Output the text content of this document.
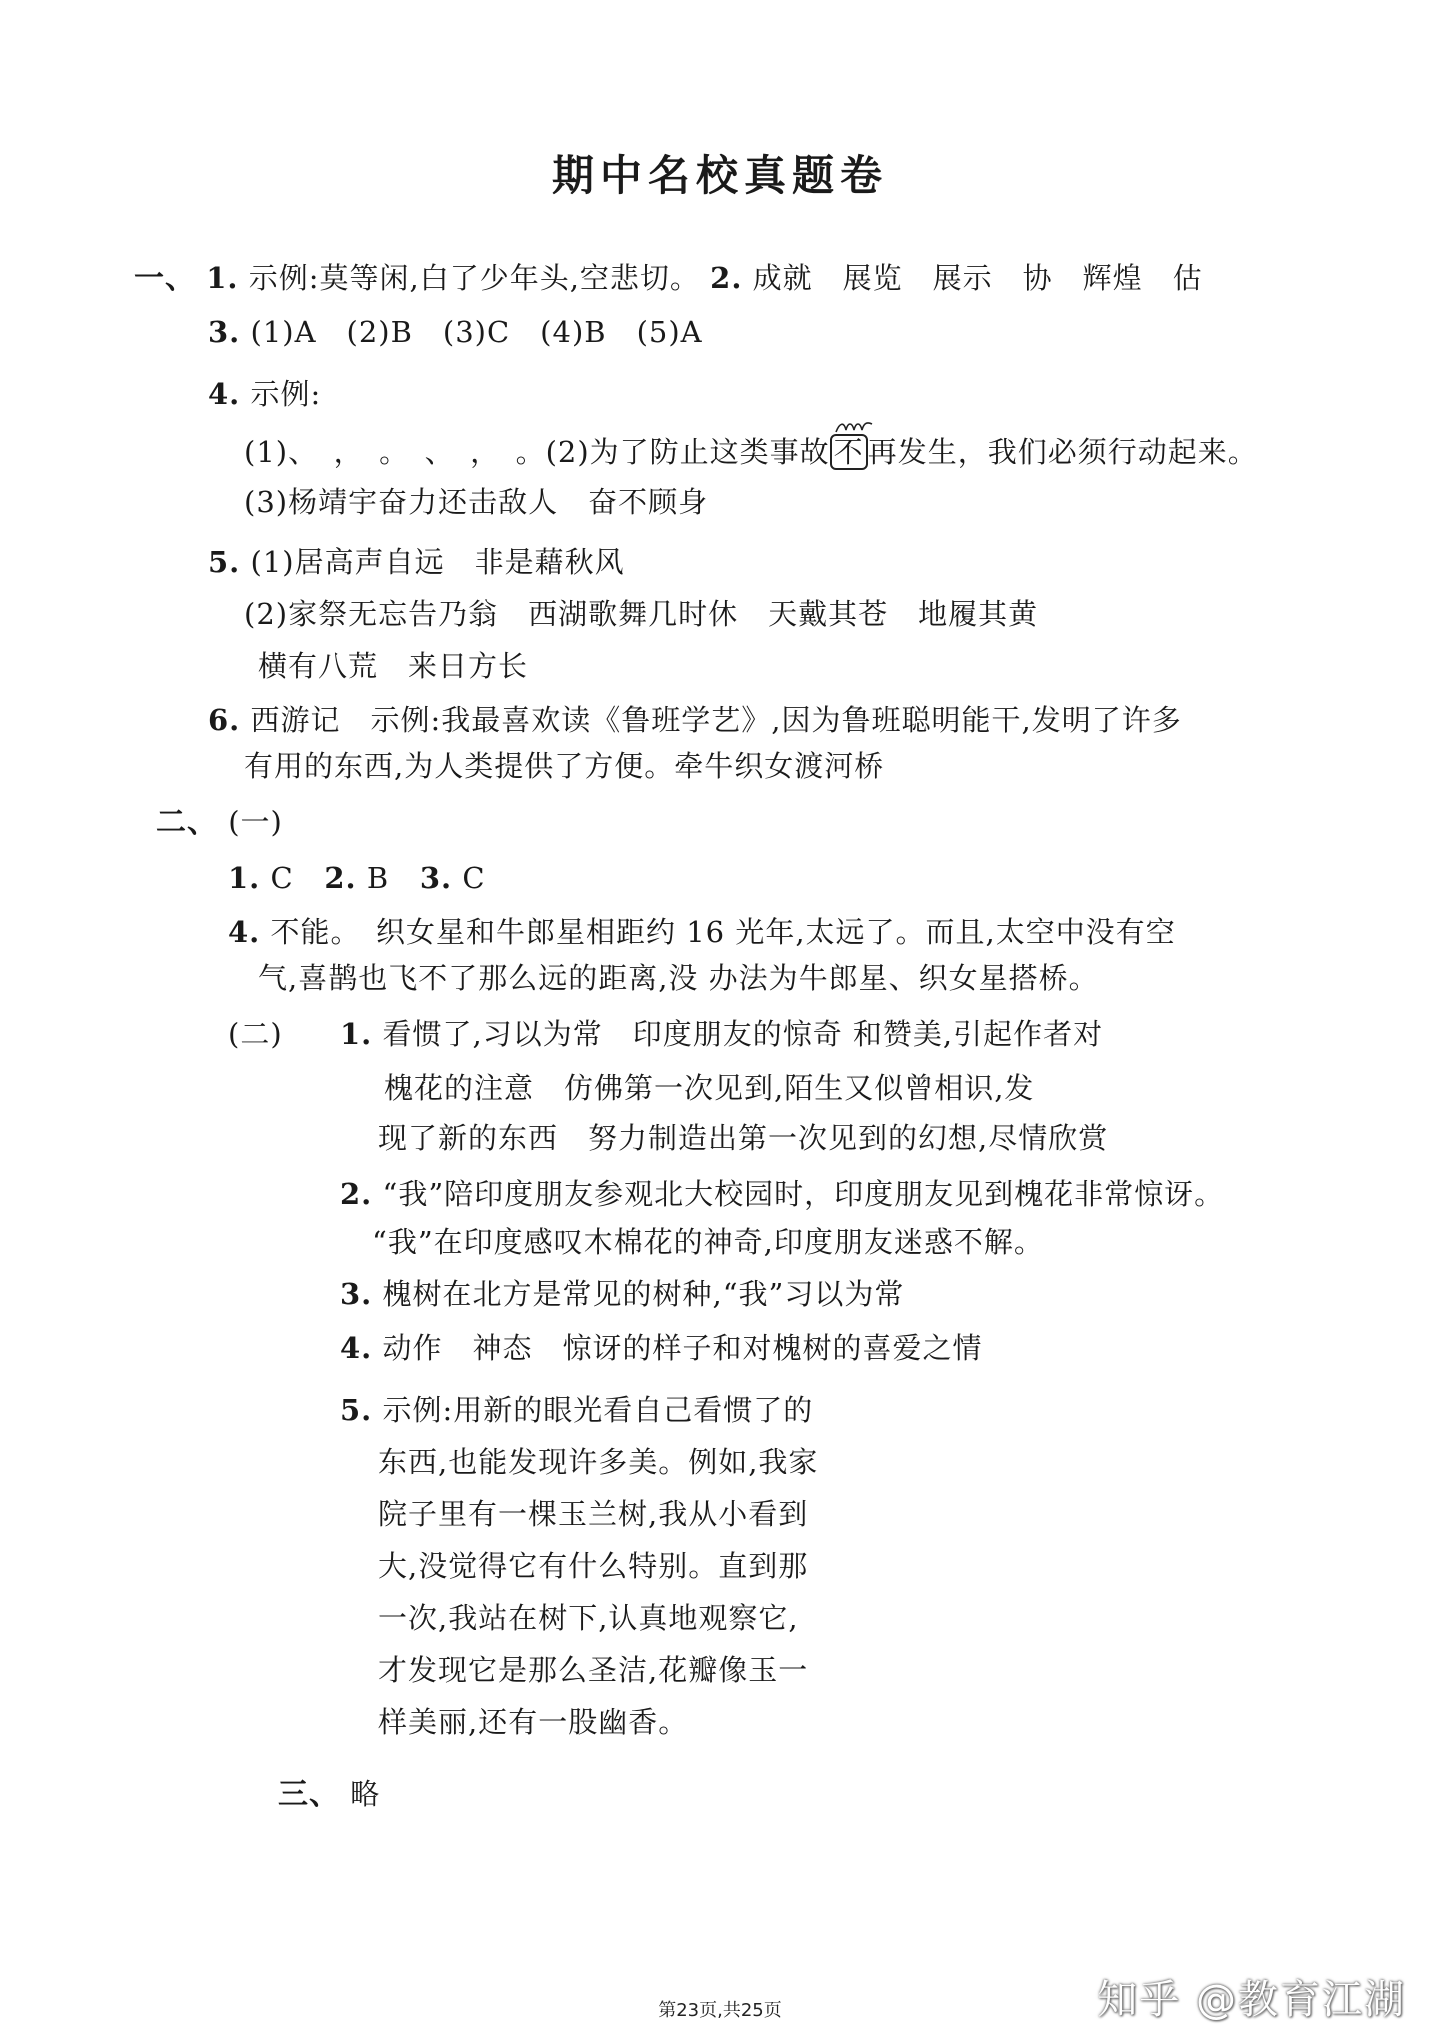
期中名校真题卷
一、 1. 示例:莫等闲,白了少年头,空悲切。 2. 成就　展览　展示　协　辉煌　估
3. (1)A　(2)B　(3)C　(4)B　(5)A
4. 示例:
(1)、　，　。　、　，　。(2)为了防止这类事故 不 再发生，我们必须行动起来。
(3)杨靖宇奋力还击敌人　奋不顾身
5. (1)居高声自远　非是藉秋风
(2)家祭无忘告乃翁　西湖歌舞几时休　天戴其苍　地履其黄
横有八荒　来日方长
6. 西游记　示例:我最喜欢读《鲁班学艺》,因为鲁班聪明能干,发明了许多
有用的东西,为人类提供了方便。牵牛织女渡河桥
二、 (一)
1. C 2. B 3. C
4. 不能。　织女星和牛郎星相距约 16 光年,太远了。而且,太空中没有空
气,喜鹊也飞不了那么远的距离,没 办法为牛郎星、织女星搭桥。
(二) 1. 看惯了,习以为常　印度朋友的惊奇 和赞美,引起作者对
槐花的注意　仿佛第一次见到,陌生又似曾相识,发
现了新的东西　努力制造出第一次见到的幻想,尽情欣赏
2. “我”陪印度朋友参观北大校园时，印度朋友见到槐花非常惊讶。
“我”在印度感叹木棉花的神奇,印度朋友迷惑不解。
3. 槐树在北方是常见的树种,“我”习以为常
4. 动作　神态　惊讶的样子和对槐树的喜爱之情
5. 示例:用新的眼光看自己看惯了的
东西,也能发现许多美。例如,我家
院子里有一棵玉兰树,我从小看到
大,没觉得它有什么特别。直到那
一次,我站在树下,认真地观察它,
才发现它是那么圣洁,花瓣像玉一
样美丽,还有一股幽香。
三、 略
第23页,共25页	知乎 @教育江湖
